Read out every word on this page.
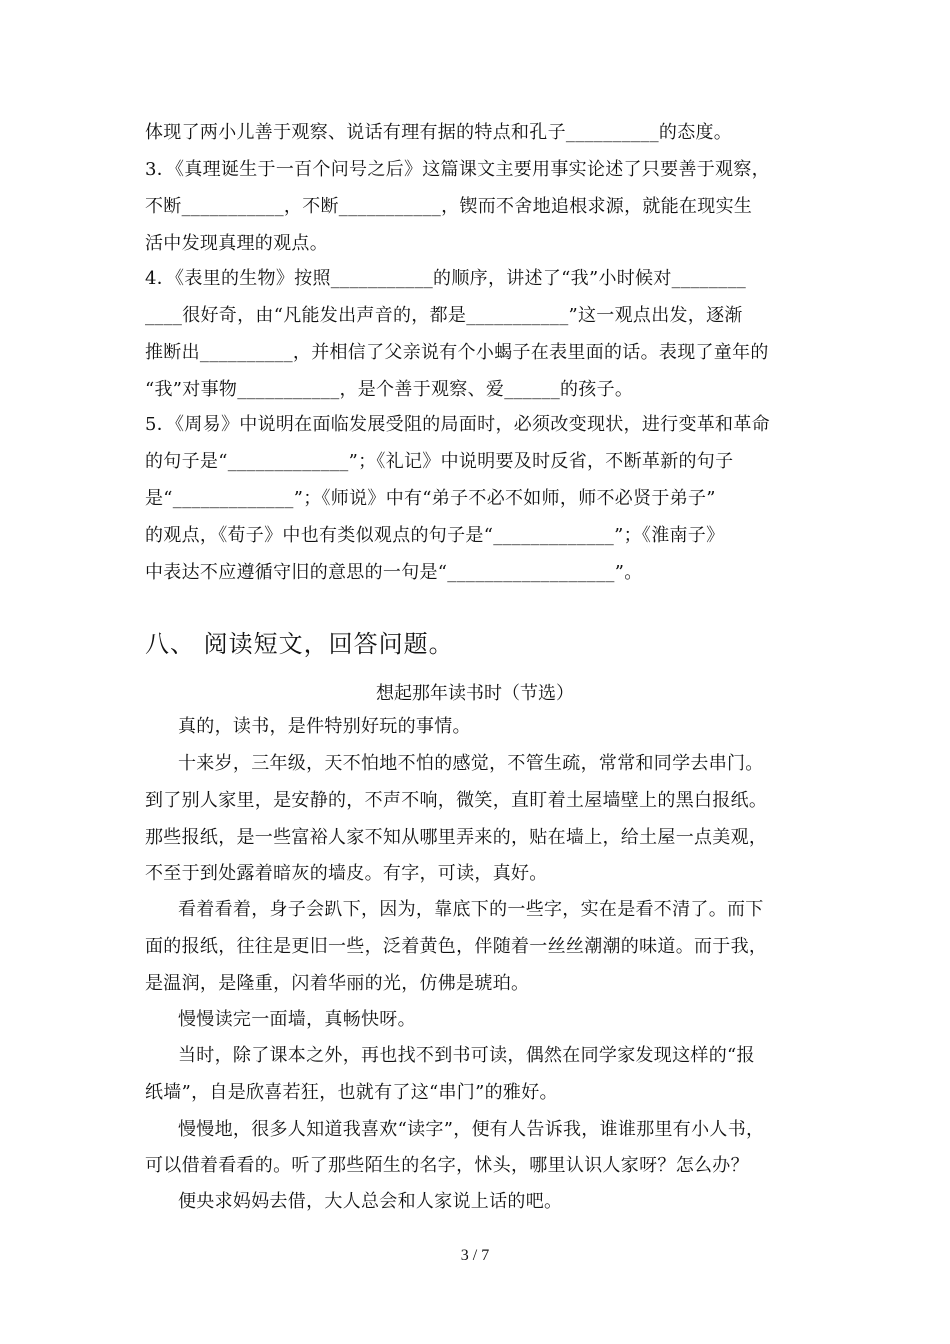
体现了两小儿善于观察、说话有理有据的特点和孔子__________的态度。
3．《真理诞生于一百个问号之后》这篇课文主要用事实论述了只要善于观察，
不断___________，不断___________，锲而不舍地追根求源，就能在现实生
活中发现真理的观点。
4．《表里的生物》按照___________的顺序，讲述了“我”小时候对________
____很好奇，由“凡能发出声音的，都是___________”这一观点出发，逐渐
推断出__________，并相信了父亲说有个小蝎子在表里面的话。表现了童年的
“我”对事物___________，是个善于观察、爱______的孩子。
5．《周易》中说明在面临发展受阻的局面时，必须改变现状，进行变革和革命
的句子是“_____________”；《礼记》中说明要及时反省，不断革新的句子
是“_____________”；《师说》中有“弟子不必不如师，师不必贤于弟子”
的观点，《荀子》中也有类似观点的句子是“_____________”；《淮南子》
中表达不应遵循守旧的意思的一句是“__________________”。
八、 阅读短文，回答问题。
想起那年读书时（节选）
真的，读书，是件特别好玩的事情。
十来岁，三年级，天不怕地不怕的感觉，不管生疏，常常和同学去串门。
到了别人家里，是安静的，不声不响，微笑，直盯着土屋墙壁上的黑白报纸。
那些报纸，是一些富裕人家不知从哪里弄来的，贴在墙上，给土屋一点美观，
不至于到处露着暗灰的墙皮。有字，可读，真好。
看着看着，身子会趴下，因为，靠底下的一些字，实在是看不清了。而下
面的报纸，往往是更旧一些，泛着黄色，伴随着一丝丝潮潮的味道。而于我，
是温润，是隆重，闪着华丽的光，仿佛是琥珀。
慢慢读完一面墙，真畅快呀。
当时，除了课本之外，再也找不到书可读，偶然在同学家发现这样的“报
纸墙”，自是欣喜若狂，也就有了这“串门”的雅好。
慢慢地，很多人知道我喜欢“读字”，便有人告诉我，谁谁那里有小人书，
可以借着看看的。听了那些陌生的名字，怵头，哪里认识人家呀？怎么办？
便央求妈妈去借，大人总会和人家说上话的吧。
3 / 7
